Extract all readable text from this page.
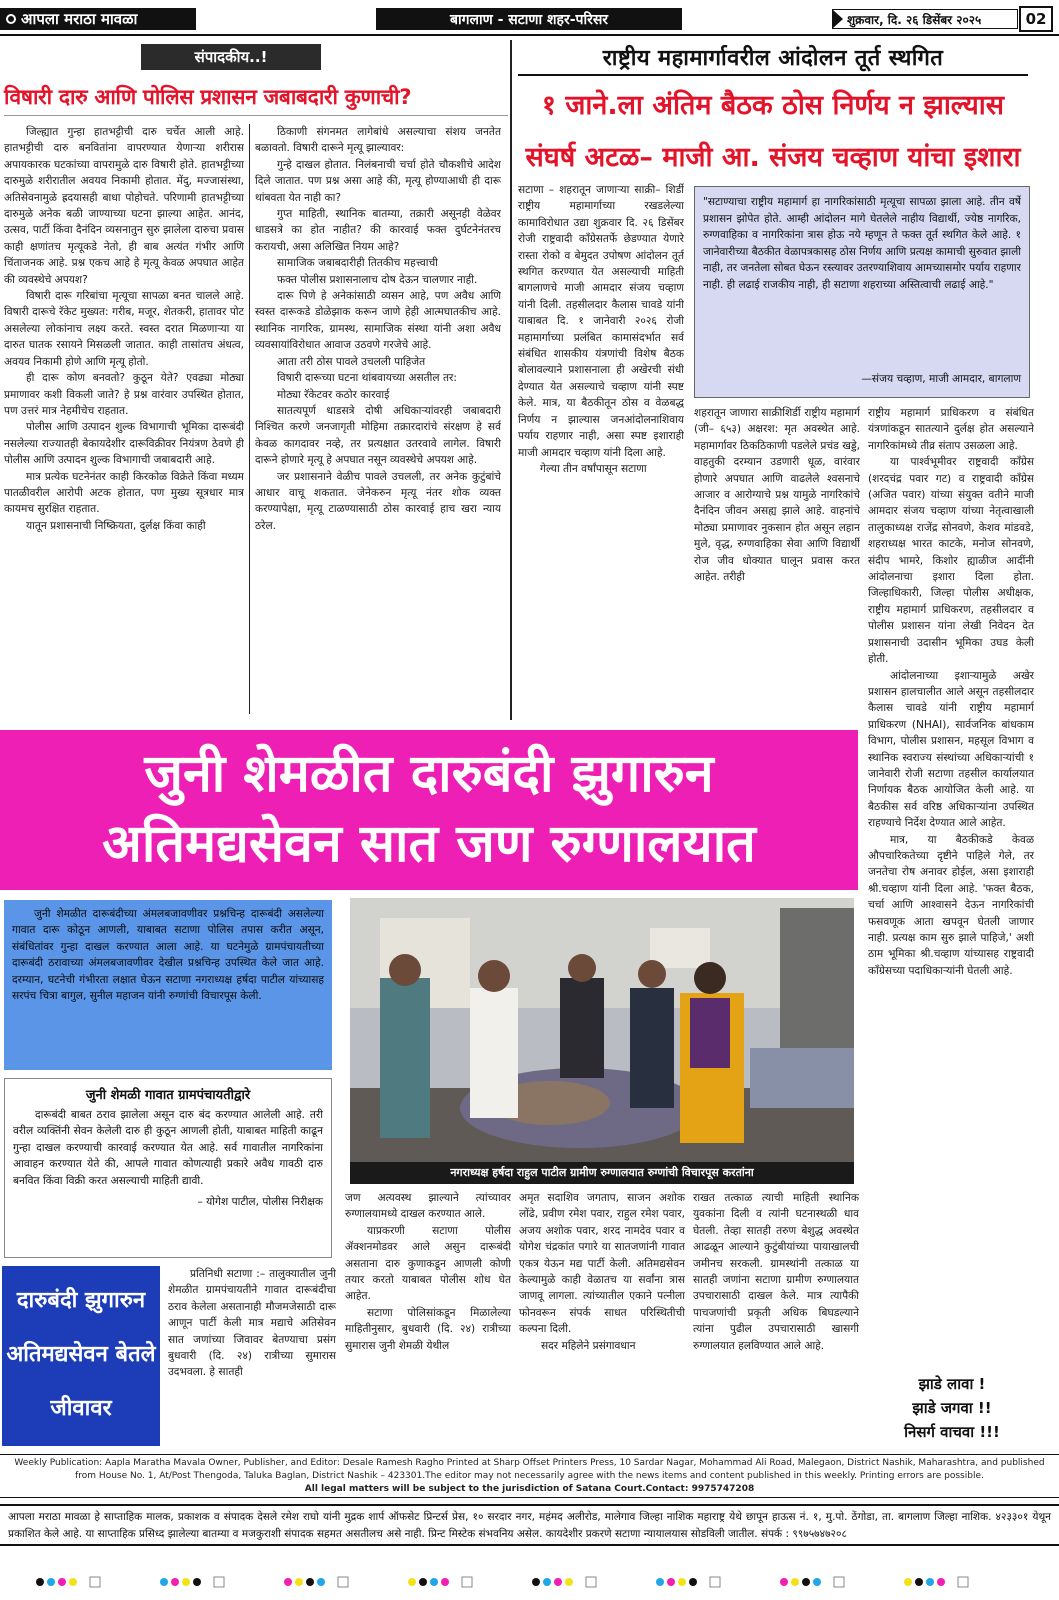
आपला मराठा मावळा	बागलाण - सटाणा शहर-परिसर	शुक्रवार, दि. २६ डिसेंबर २०२५	02
संपादकीय..!
विषारी दारु आणि पोलिस प्रशासन जबाबदारी कुणाची?

जिल्ह्यात गुन्हा हातभट्टीची दारु चर्चेत आली आहे. हातभट्टीची दारु बनवितांना वापरण्यात येणाऱ्या शरीरास अपायकारक घटकांच्या वापरामुळे दारु विषारी होते. हातभट्टीच्या दारुमुळे शरीरातील अवयव निकामी होतात. मेंदु, मज्जासंस्था, अतिसेवनामुळे ह्रदयासही बाधा पोहोचते. परिणामी हातभट्टीच्या दारुमुळे अनेक बळी जाण्याच्या घटना झाल्या आहेत. आनंद, उत्सव, पार्टी किंवा दैनंदिन व्यसनातुन सुरु झालेला दारुचा प्रवास काही क्षणांतच मृत्यूकडे नेतो, ही बाब अत्यंत गंभीर आणि चिंताजनक आहे. प्रश्न एकच आहे हे मृत्यू केवळ अपघात आहेत की व्यवस्थेचे अपयश?

विषारी दारू गरिबांचा मृत्यूचा सापळा बनत चालले आहे. विषारी दारूचे रॅकेट मुख्यत: गरीब, मजूर, शेतकरी, हातावर पोट असलेल्या लोकांनाच लक्ष्य करते. स्वस्त दरात मिळणाऱ्या या दारुत घातक रसायने मिसळली जातात. काही तासांतच अंधत्व, अवयव निकामी होणे आणि मृत्यू होतो.

ही दारू कोण बनवतो? कुठून येते? एवढ्या मोठ्या प्रमाणावर कशी विकली जाते? हे प्रश्न वारंवार उपस्थित होतात, पण उत्तरं मात्र नेहमीचेच राहतात.

पोलीस आणि उत्पादन शुल्क विभागाची भूमिका दारूबंदी नसलेल्या राज्यातही बेकायदेशीर दारूविक्रीवर नियंत्रण ठेवणे ही पोलीस आणि उत्पादन शुल्क विभागाची जबाबदारी आहे.

मात्र प्रत्येक घटनेनंतर काही किरकोळ विक्रेते किंवा मध्यम पातळीवरील आरोपी अटक होतात, पण मुख्य सूत्रधार मात्र कायमच सुरक्षित राहतात.

यातून प्रशासनाची निष्क्रियता, दुर्लक्ष किंवा काही

ठिकाणी संगनमत लागेबांधे असल्याचा संशय जनतेत बळावतो. विषारी दारूने मृत्यू झाल्यावर:

गुन्हे दाखल होतात. निलंबनाची चर्चा होते चौकशीचे आदेश दिले जातात. पण प्रश्न असा आहे की, मृत्यू होण्याआधी ही दारू थांबवता येत नाही का?

गुप्त माहिती, स्थानिक बातम्या, तक्रारी असूनही वेळेवर धाडसत्रे का होत नाहीत? की कारवाई फक्त दुर्घटनेनंतरच करायची, असा अलिखित नियम आहे?

सामाजिक जबाबदारीही तितकीच महत्त्वाची

फक्त पोलीस प्रशासनालाच दोष देऊन चालणार नाही.

दारू पिणे हे अनेकांसाठी व्यसन आहे, पण अवैध आणि स्वस्त दारूकडे डोळेझाक करून जाणे हेही आत्मघातकीच आहे. स्थानिक नागरिक, ग्रामस्थ, सामाजिक संस्था यांनी अशा अवैध व्यवसायांविरोधात आवाज उठवणे गरजेचे आहे.

आता तरी ठोस पावले उचलली पाहिजेत

विषारी दारूच्या घटना थांबवायच्या असतील तर:

मोठ्या रॅकेटवर कठोर कारवाई

सातत्यपूर्ण धाडसत्रे दोषी अधिकाऱ्यांवरही जबाबदारी निश्चित करणे जनजागृती मोहिमा तक्रारदारांचे संरक्षण हे सर्व केवळ कागदावर नव्हे, तर प्रत्यक्षात उतरवावे लागेल. विषारी दारूने होणारे मृत्यू हे अपघात नसून व्यवस्थेचे अपयश आहे.

जर प्रशासनाने वेळीच पावले उचलली, तर अनेक कुटुंबांचे आधार वाचू शकतात. जेनेकरुन मृत्यू नंतर शोक व्यक्त करण्यापेक्षा, मृत्यू टाळण्यासाठी ठोस कारवाई हाच खरा न्याय ठरेल.

राष्ट्रीय महामार्गावरील आंदोलन तूर्त स्थगित
१ जाने.ला अंतिम बैठक ठोस निर्णय न झाल्यास
संघर्ष अटळ– माजी आ. संजय चव्हाण यांचा इशारा

सटाणा – शहरातून जाणाऱ्या साक्री– शिर्डी राष्ट्रीय महामार्गाच्या रखडलेल्या कामाविरोधात उद्या शुक्रवार दि. २६ डिसेंबर रोजी राष्ट्रवादी कॉंग्रेसतर्फे छेडण्यात येणारे रास्ता रोको व बेमुदत उपोषण आंदोलन तूर्त स्थगित करण्यात येत असल्याची माहिती बागलाणचे माजी आमदार संजय चव्हाण यांनी दिली. तहसीलदार कैलास चावडे यांनी याबाबत दि. १ जानेवारी २०२६ रोजी महामार्गाच्या प्रलंबित कामासंदर्भात सर्व संबंधित शासकीय यंत्रणांची विशेष बैठक बोलावल्याने प्रशासनाला ही अखेरची संधी देण्यात येत असल्याचे चव्हाण यांनी स्पष्ट केले. मात्र, या बैठकीतून ठोस व वेळबद्ध निर्णय न झाल्यास जनआंदोलनाशिवाय पर्याय राहणार नाही, असा स्पष्ट इशाराही माजी आमदार चव्हाण यांनी दिला आहे.

गेल्या तीन वर्षांपासून सटाणा

"सटाण्याचा राष्ट्रीय महामार्ग हा नागरिकांसाठी मृत्यूचा सापळा झाला आहे. तीन वर्षे प्रशासन झोपेत होते. आम्ही आंदोलन मागे घेतलेले नाहीय विद्यार्थी, ज्येष्ठ नागरिक, रुग्णवाहिका व नागरिकांना त्रास होऊ नये म्हणून ते फक्त तूर्त स्थगित केले आहे. १ जानेवारीच्या बैठकीत वेळापत्रकासह ठोस निर्णय आणि प्रत्यक्ष कामाची सुरुवात झाली नाही, तर जनतेला सोबत घेऊन रस्त्यावर उतरण्याशिवाय आमच्यासमोर पर्याय राहणार नाही. ही लढाई राजकीय नाही, ही सटाणा शहराच्या अस्तित्वाची लढाई आहे."
—संजय चव्हाण, माजी आमदार, बागलाण

शहरातून जाणारा साक्रीशिर्डी राष्ट्रीय महामार्ग (जी– ६५३) अक्षरश: मृत अवस्थेत आहे. महामार्गावर ठिकठिकाणी पडलेले प्रचंड खड्डे, वाहतुकी दरम्यान उडणारी धूळ, वारंवार होणारे अपघात आणि वाढलेले श्वसनाचे आजार व आरोग्याचे प्रश्न यामुळे नागरिकांचे दैनंदिन जीवन असह्य झाले आहे. वाहनांचे मोठ्या प्रमाणावर नुकसान होत असून लहान मुले, वृद्ध, रुग्णवाहिका सेवा आणि विद्यार्थी रोज जीव धोक्यात घालून प्रवास करत आहेत. तरीही

राष्ट्रीय महामार्ग प्राधिकरण व संबंधित यंत्रणांकडून सातत्याने दुर्लक्ष होत असल्याने नागरिकांमध्ये तीव्र संताप उसळला आहे.

या पार्श्वभूमीवर राष्ट्रवादी कॉंग्रेस (शरदचंद्र पवार गट) व राष्ट्रवादी कॉंग्रेस (अजित पवार) यांच्या संयुक्त वतीने माजी आमदार संजय चव्हाण यांच्या नेतृत्वाखाली तालुकाध्यक्ष राजेंद्र सोनवणे, केशव मांडवडे, शहराध्यक्ष भारत काटके, मनोज सोनवणे, संदीप भामरे, किशोर ह्याळीज आदींनी आंदोलनाचा इशारा दिला होता. जिल्हाधिकारी, जिल्हा पोलीस अधीक्षक, राष्ट्रीय महामार्ग प्राधिकरण, तहसीलदार व पोलीस प्रशासन यांना लेखी निवेदन देत प्रशासनाची उदासीन भूमिका उघड केली होती.

आंदोलनाच्या इशाऱ्यामुळे अखेर प्रशासन हालचालीत आले असून तहसीलदार कैलास चावडे यांनी राष्ट्रीय महामार्ग प्राधिकरण (NHAI), सार्वजनिक बांधकाम विभाग, पोलीस प्रशासन, महसूल विभाग व स्थानिक स्वराज्य संस्थांच्या अधिकाऱ्यांची १ जानेवारी रोजी सटाणा तहसील कार्यालयात निर्णायक बैठक आयोजित केली आहे. या बैठकीस सर्व वरिष्ठ अधिकाऱ्यांना उपस्थित राहण्याचे निर्देश देण्यात आले आहेत.

मात्र, या बैठकीकडे केवळ औपचारिकतेच्या दृष्टीने पाहिले गेले, तर जनतेचा रोष अनावर होईल, असा इशाराही श्री.चव्हाण यांनी दिला आहे. 'फक्त बैठक, चर्चा आणि आश्वासने देऊन नागरिकांची फसवणूक आता खपवून घेतली जाणार नाही. प्रत्यक्ष काम सुरु झाले पाहिजे,' अशी ठाम भूमिका श्री.चव्हाण यांच्यासह राष्ट्रवादी कॉंग्रेसच्या पदाधिकाऱ्यांनी घेतली आहे.

जुनी शेमळीत दारुबंदी झुगारुन
अतिमद्यसेवन सात जण रुग्णालयात
जुनी शेमळीत दारूबंदीच्या अंमलबजावणीवर प्रश्नचिन्ह दारूबंदी असलेल्या गावात दारू कोठून आणली, याबाबत सटाणा पोलिस तपास करीत असून, संबंधितांवर गुन्हा दाखल करण्यात आला आहे. या घटनेमुळे ग्रामपंचायतीच्या दारूबंदी ठरावाच्या अंमलबजावणीवर देखील प्रश्नचिन्ह उपस्थित केले जात आहे. दरम्यान, घटनेची गंभीरता लक्षात घेऊन सटाणा नगराध्यक्ष हर्षदा पाटील यांच्यासह सरपंच चित्रा बागुल, सुनील महाजन यांनी रुग्णांची विचारपूस केली.
जुनी शेमळी गावात ग्रामपंचायतीद्वारे
दारूबंदी बाबत ठराव झालेला असून दारु बंद करण्यात आलेली आहे. तरी वरील व्यक्तिंनी सेवन केलेली दारु ही कुठून आणली होती, याबाबत माहिती काढून गुन्हा दाखल करण्याची कारवाई करण्यात येत आहे. सर्व गावातील नागरिकांना आवाहन करण्यात येते की, आपले गावात कोणत्याही प्रकारे अवैध गावठी दारु बनवित किंवा विक्री करत असल्याची माहिती द्यावी.
– योगेश पाटील, पोलीस निरीक्षक
नगराध्यक्ष हर्षदा राहुल पाटील ग्रामीण रुग्णालयात रुग्णांची विचारपूस करतांना
दारुबंदी झुगारुन अतिमद्यसेवन बेतले जीवावर

प्रतिनिधी सटाणा :– तालुक्यातील जुनी शेमळीत ग्रामपंचायतीने गावात दारूबंदीचा ठराव केलेला असतानाही मौजमजेसाठी दारू आणून पार्टी केली मात्र मद्याचे अतिसेवन सात जणांच्या जिवावर बेतण्याचा प्रसंग बुधवारी (दि. २४) रात्रीच्या सुमारास उदभवला. हे सातही

जण अत्यवस्थ झाल्याने त्यांच्यावर रुग्णालयामध्ये दाखल करण्यात आले.

याप्रकरणी सटाणा पोलीस ॲक्शनमोडवर आले असुन दारूबंदी असताना दारु कुणाकडून आणली कोणी तयार करतो याबाबत पोलीस शोध घेत आहेत.

सटाणा पोलिसांकडून मिळालेल्या माहितीनुसार, बुधवारी (दि. २४) रात्रीच्या सुमारास जुनी शेमळी येथील

अमृत सदाशिव जगताप, साजन अशोक लोंढे, प्रवीण रमेश पवार, राहुल रमेश पवार, अजय अशोक पवार, शरद नामदेव पवार व योगेश चंद्रकांत पगारे या सातजणांनी गावात एकत्र येऊन मद्य पार्टी केली. अतिमद्यसेवन केल्यामुळे काही वेळातच या सर्वांना त्रास जाणवू लागला. त्यांच्यातील एकाने पत्नीला फोनवरून संपर्क साधत परिस्थितीची कल्पना दिली.

सदर महिलेने प्रसंगावधान

राखत तत्काळ त्याची माहिती स्थानिक युवकांना दिली व त्यांनी घटनास्थळी धाव घेतली. तेव्हा सातही तरुण बेशुद्ध अवस्थेत आढळून आल्याने कुटुंबीयांच्या पायाखालची जमीनच सरकली. ग्रामस्थांनी तत्काळ या सातही जणांना सटाणा ग्रामीण रुग्णालयात उपचारासाठी दाखल केले. मात्र त्यापैकी पाचजणांची प्रकृती अधिक बिघडल्याने त्यांना पुढील उपचारासाठी खासगी रुग्णालयात हलविण्यात आले आहे.

झाडे लावा !
झाडे जगवा !!
निसर्ग वाचवा !!!
Weekly Publication: Aapla Maratha Mavala Owner, Publisher, and Editor: Desale Ramesh Ragho Printed at Sharp Offset Printers Press, 10 Sardar Nagar, Mohammad Ali Road, Malegaon, District Nashik, Maharashtra, and published from House No. 1, At/Post Thengoda, Taluka Baglan, District Nashik – 423301.The editor may not necessarily agree with the news items and content published in this weekly. Printing errors are possible.
All legal matters will be subject to the jurisdiction of Satana Court.Contact: 9975747208
आपला मराठा मावळा हे साप्ताहिक मालक, प्रकाशक व संपादक देसले रमेश राघो यांनी मुद्रक शार्प ऑफसेट प्रिन्टर्स प्रेस, १० सरदार नगर, महंमद अलीरोड, मालेगाव जिल्हा नाशिक महाराष्ट्र येथे छापून हाऊस नं. १, मु.पो. ठेंगोडा, ता. बागलाण जिल्हा नाशिक. ४२३३०१ येथून प्रकाशित केले आहे. या साप्ताहिक प्रसिध्द झालेल्या बातम्या व मजकुराशी संपादक सहमत असतीलच असे नाही. प्रिन्ट मिस्टेक संभवनिय असेल. कायदेशीर प्रकरणे सटाणा न्यायालयास सोडविली जातील. संपर्क : ९९७५७४७२०८
